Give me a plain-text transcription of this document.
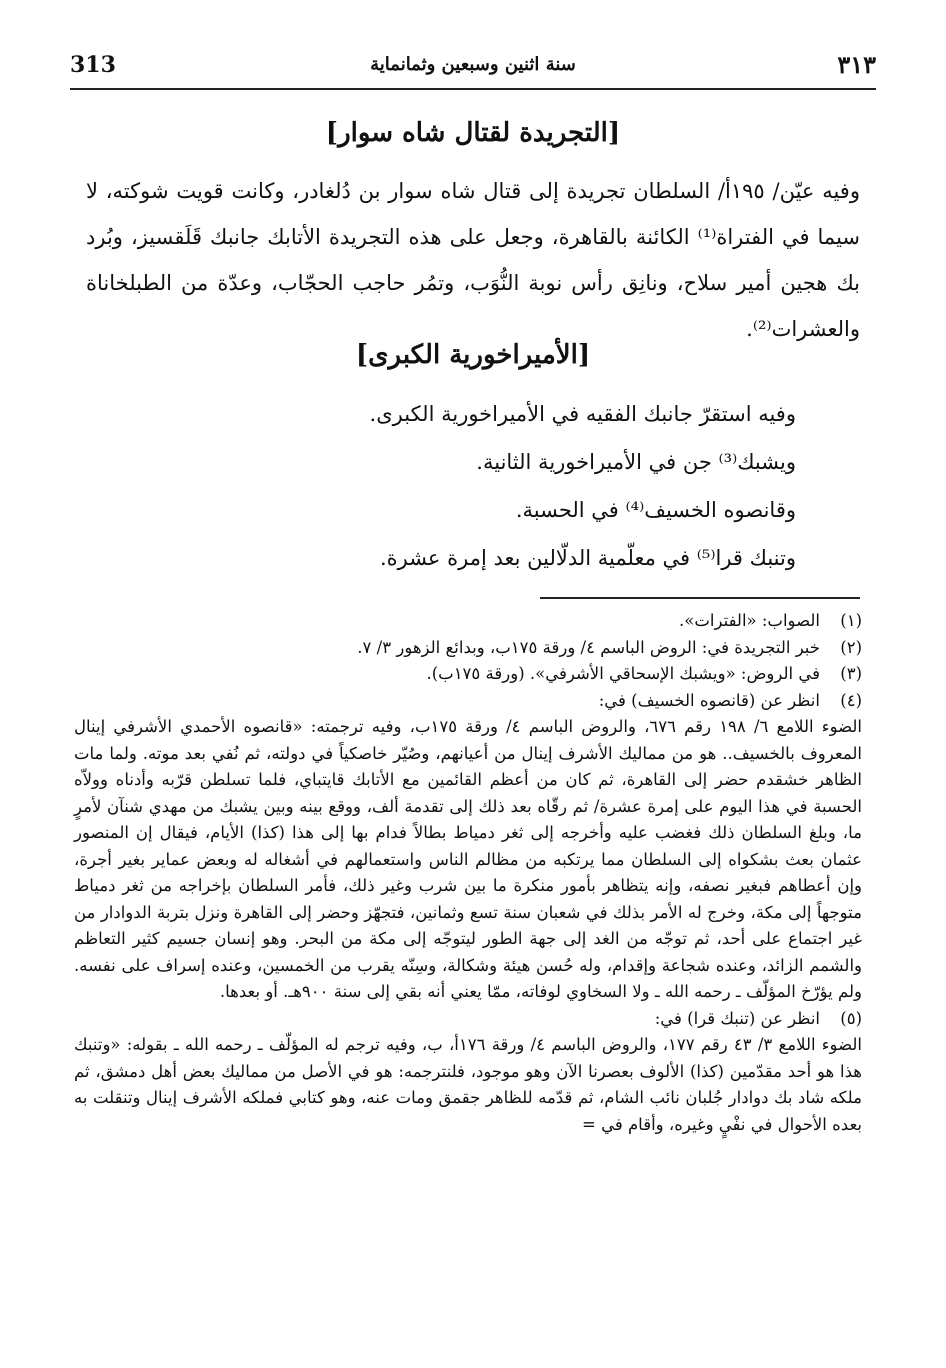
٣١٣
سنة اثنين وسبعين وثمانماية
313
[التجريدة لقتال شاه سوار]
وفيه عيّن/ ١٩٥أ/ السلطان تجريدة إلى قتال شاه سوار بن دُلغادر، وكانت قويت شوكته، لا سيما في الفتراة⁽¹⁾ الكائنة بالقاهرة، وجعل على هذه التجريدة الأتابك جانبك قَلَقسيز، وبُرد بك هجين أمير سلاح، ونانِق رأس نوبة النُّوَب، وتمُر حاجب الحجّاب، وعدّة من الطبلخاناة والعشرات⁽²⁾.
[الأميراخورية الكبرى]
وفيه استقرّ جانبك الفقيه في الأميراخورية الكبرى.
ويشبك⁽³⁾ جن في الأميراخورية الثانية.
وقانصوه الخسيف⁽⁴⁾ في الحسبة.
وتنبك قرا⁽⁵⁾ في معلّمية الدلّالين بعد إمرة عشرة.
(١)
الصواب: «الفترات».
(٢)
خبر التجريدة في: الروض الباسم ٤/ ورقة ١٧٥ب، وبدائع الزهور ٣/ ٧.
(٣)
في الروض: «ويشبك الإسحاقي الأشرفي». (ورقة ١٧٥ب).
(٤)
انظر عن (قانصوه الخسيف) في:
الضوء اللامع ٦/ ١٩٨ رقم ٦٧٦، والروض الباسم ٤/ ورقة ١٧٥ب، وفيه ترجمته: «قانصوه الأحمدي الأشرفي إينال المعروف بالخسيف.. هو من مماليك الأشرف إينال من أعيانهم، وصُيّر خاصكياً في دولته، ثم نُفي بعد موته. ولما مات الظاهر خشقدم حضر إلى القاهرة، ثم كان من أعظم القائمين مع الأتابك قايتباي، فلما تسلطن قرّبه وأدناه وولاّه الحسبة في هذا اليوم على إمرة عشرة/ ثم رقّاه بعد ذلك إلى تقدمة ألف، ووقع بينه وبين يشبك من مهدي شنآن لأمرٍ ما، وبلغ السلطان ذلك فغضب عليه وأخرجه إلى ثغر دمياط بطالاً فدام بها إلى هذا (كذا) الأيام، فيقال إن المنصور عثمان بعث بشكواه إلى السلطان مما يرتكبه من مظالم الناس واستعمالهم في أشغاله له وبعض عماير بغير أجرة، وإن أعطاهم فبغير نصفه، وإنه يتظاهر بأمور منكرة ما بين شرب وغير ذلك، فأمر السلطان بإخراجه من ثغر دمياط متوجهاً إلى مكة، وخرج له الأمر بذلك في شعبان سنة تسع وثمانين، فتجهّز وحضر إلى القاهرة ونزل بتربة الدوادار من غير اجتماع على أحد، ثم توجّه من الغد إلى جهة الطور ليتوجّه إلى مكة من البحر. وهو إنسان جسيم كثير التعاظم والشمم الزائد، وعنده شجاعة وإقدام، وله حُسن هيئة وشكالة، وسِنّه يقرب من الخمسين، وعنده إسراف على نفسه. ولم يؤرّخ المؤلّف ـ رحمه الله ـ ولا السخاوي لوفاته، ممّا يعني أنه بقي إلى سنة ٩٠٠هـ. أو بعدها.
(٥)
انظر عن (تنبك قرا) في:
الضوء اللامع ٣/ ٤٣ رقم ١٧٧، والروض الباسم ٤/ ورقة ١٧٦أ، ب، وفيه ترجم له المؤلّف ـ رحمه الله ـ بقوله: «وتنبك هذا هو أحد مقدّمين (كذا) الألوف بعصرنا الآن وهو موجود، فلنترجمه: هو في الأصل من مماليك بعض أهل دمشق، ثم ملكه شاد بك دوادار جُلبان نائب الشام، ثم قدّمه للظاهر جقمق ومات عنه، وهو كتابي فملكه الأشرف إينال وتنقلت به بعده الأحوال في نفْيٍ وغيره، وأقام في =
